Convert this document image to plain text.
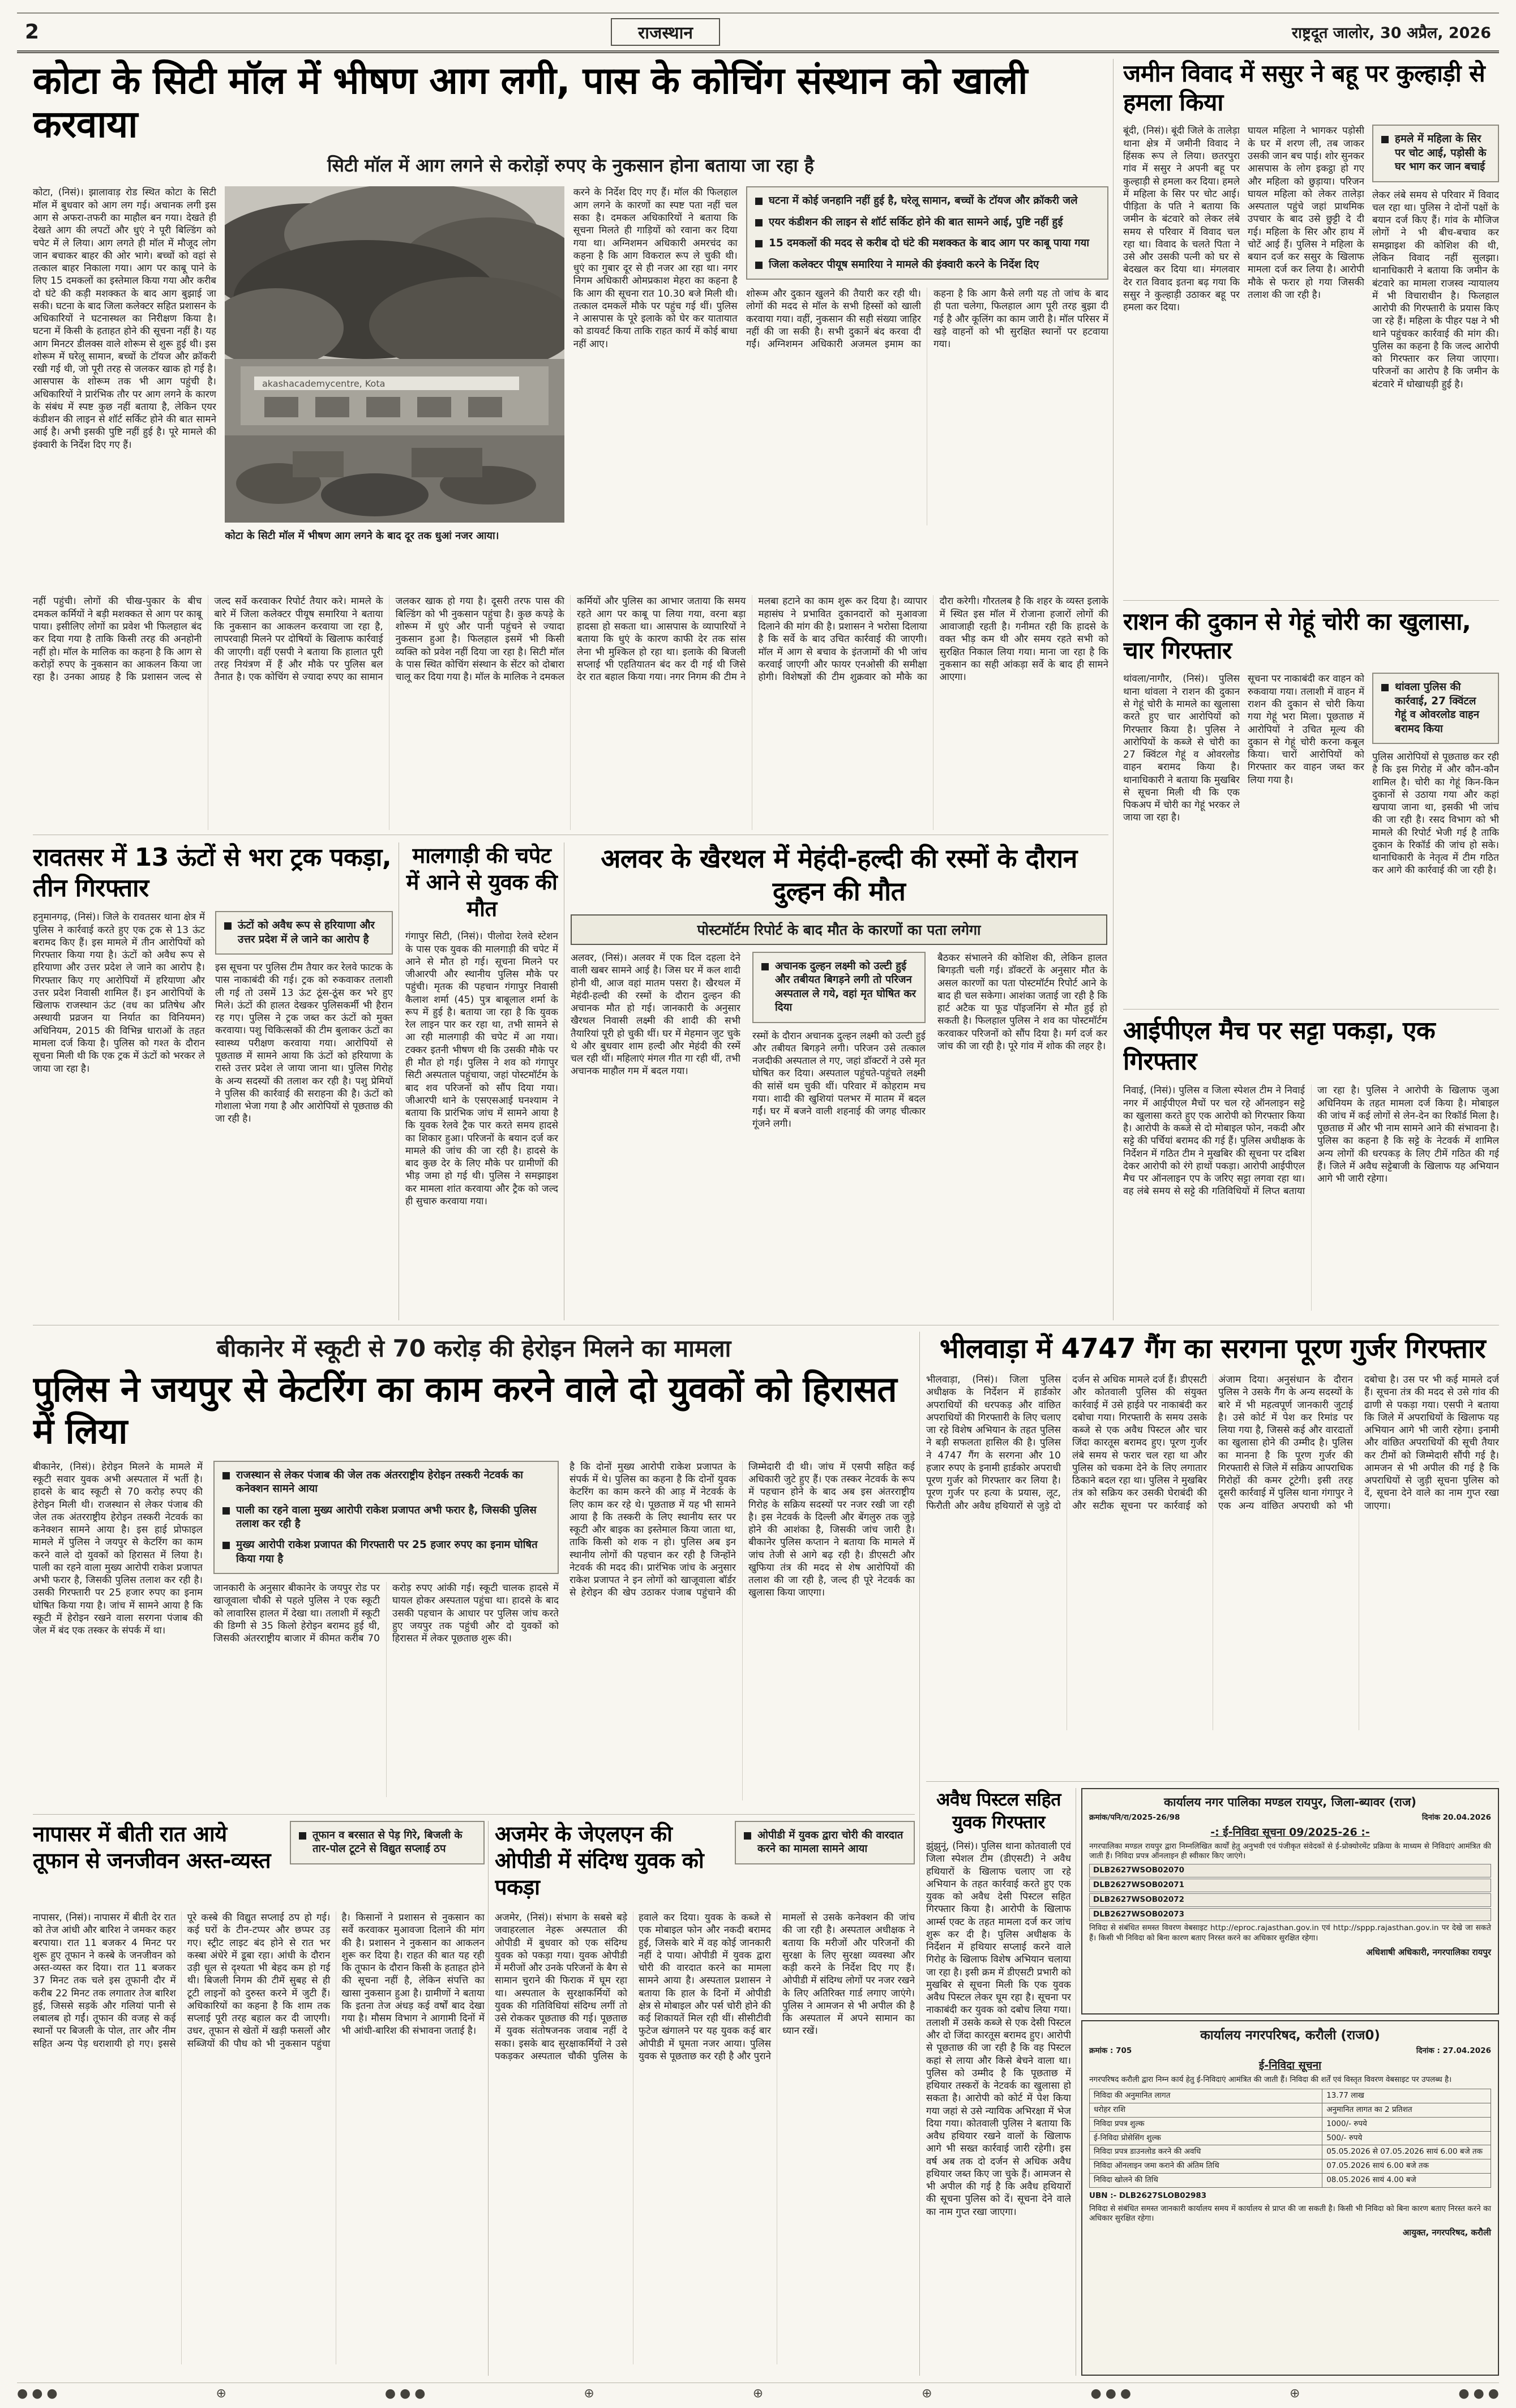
2	राजस्थान	राष्ट्रदूत जालोर, 30 अप्रैल, 2026
कोटा के सिटी मॉल में भीषण आग लगी, पास के कोचिंग संस्थान को खाली करवाया
सिटी मॉल में आग लगने से करोड़ों रुपए के नुकसान होना बताया जा रहा है
कोटा, (निसं)। झालावाड़ रोड स्थित कोटा के सिटी मॉल में बुधवार को आग लग गई। अचानक लगी इस आग से अफरा-तफरी का माहौल बन गया। देखते ही देखते आग की लपटों और धुएं ने पूरी बिल्डिंग को चपेट में ले लिया। आग लगते ही मॉल में मौजूद लोग जान बचाकर बाहर की ओर भागे। बच्चों को वहां से तत्काल बाहर निकाला गया। आग पर काबू पाने के लिए 15 दमकलों का इस्तेमाल किया गया और करीब दो घंटे की कड़ी मशक्कत के बाद आग बुझाई जा सकी। घटना के बाद जिला कलेक्टर सहित प्रशासन के अधिकारियों ने घटनास्थल का निरीक्षण किया है। घटना में किसी के हताहत होने की सूचना नहीं है। यह आग मिनटर डीलक्स वाले शोरूम से शुरू हुई थी। इस शोरूम में घरेलू सामान, बच्चों के टॉयज और क्रॉकरी रखी गई थी, जो पूरी तरह से जलकर खाक हो गई है। आसपास के शोरूम तक भी आग पहुंची है। अधिकारियों ने प्रारंभिक तौर पर आग लगने के कारण के संबंध में स्पष्ट कुछ नहीं बताया है, लेकिन एयर कंडीशन की लाइन से शॉर्ट सर्किट होने की बात सामने आई है। अभी इसकी पुष्टि नहीं हुई है। पूरे मामले की इंक्वारी के निर्देश दिए गए हैं।
akashacademycentre, Kota
कोटा के सिटी मॉल में भीषण आग लगने के बाद दूर तक धुआं नजर आया।
करने के निर्देश दिए गए हैं। मॉल की फिलहाल आग लगने के कारणों का स्पष्ट पता नहीं चल सका है। दमकल अधिकारियों ने बताया कि सूचना मिलते ही गाड़ियों को रवाना कर दिया गया था। अग्निशमन अधिकारी अमरचंद का कहना है कि आग विकराल रूप ले चुकी थी। धुएं का गुबार दूर से ही नजर आ रहा था। नगर निगम अधिकारी ओमप्रकाश मेहरा का कहना है कि आग की सूचना रात 10.30 बजे मिली थी। तत्काल दमकलें मौके पर पहुंच गई थीं। पुलिस ने आसपास के पूरे इलाके को घेर कर यातायात को डायवर्ट किया ताकि राहत कार्य में कोई बाधा नहीं आए।
घटना में कोई जनहानि नहीं हुई है, घरेलू सामान, बच्चों के टॉयज और क्रॉकरी जले
एयर कंडीशन की लाइन से शॉर्ट सर्किट होने की बात सामने आई, पुष्टि नहीं हुई
15 दमकलों की मदद से करीब दो घंटे की मशक्कत के बाद आग पर काबू पाया गया
जिला कलेक्टर पीयूष समारिया ने मामले की इंक्वारी करने के निर्देश दिए
शोरूम और दुकान खुलने की तैयारी कर रही थी। लोगों की मदद से मॉल के सभी हिस्सों को खाली करवाया गया। वहीं, नुकसान की सही संख्या जाहिर नहीं की जा सकी है। सभी दुकानें बंद करवा दी गईं। अग्निशमन अधिकारी अजमल इमाम का कहना है कि आग कैसे लगी यह तो जांच के बाद ही पता चलेगा, फिलहाल आग पूरी तरह बुझा दी गई है और कूलिंग का काम जारी है। मॉल परिसर में खड़े वाहनों को भी सुरक्षित स्थानों पर हटवाया गया।
नहीं पहुंची। लोगों की चीख-पुकार के बीच दमकल कर्मियों ने बड़ी मशक्कत से आग पर काबू पाया। इसीलिए लोगों का प्रवेश भी फिलहाल बंद कर दिया गया है ताकि किसी तरह की अनहोनी नहीं हो। मॉल के मालिक का कहना है कि आग से करोड़ों रुपए के नुकसान का आकलन किया जा रहा है। उनका आग्रह है कि प्रशासन जल्द से जल्द सर्वे करवाकर रिपोर्ट तैयार करे। मामले के बारे में जिला कलेक्टर पीयूष समारिया ने बताया कि नुकसान का आकलन करवाया जा रहा है, लापरवाही मिलने पर दोषियों के खिलाफ कार्रवाई की जाएगी। वहीं एसपी ने बताया कि हालात पूरी तरह नियंत्रण में हैं और मौके पर पुलिस बल तैनात है। एक कोचिंग से ज्यादा रुपए का सामान जलकर खाक हो गया है। दूसरी तरफ पास की बिल्डिंग को भी नुकसान पहुंचा है। कुछ कपड़े के शोरूम में धुएं और पानी पहुंचने से ज्यादा नुकसान हुआ है। फिलहाल इसमें भी किसी व्यक्ति को प्रवेश नहीं दिया जा रहा है। सिटी मॉल के पास स्थित कोचिंग संस्थान के सेंटर को दोबारा चालू कर दिया गया है। मॉल के मालिक ने दमकल कर्मियों और पुलिस का आभार जताया कि समय रहते आग पर काबू पा लिया गया, वरना बड़ा हादसा हो सकता था। आसपास के व्यापारियों ने बताया कि धुएं के कारण काफी देर तक सांस लेना भी मुश्किल हो रहा था। इलाके की बिजली सप्लाई भी एहतियातन बंद कर दी गई थी जिसे देर रात बहाल किया गया। नगर निगम की टीम ने मलबा हटाने का काम शुरू कर दिया है। व्यापार महासंघ ने प्रभावित दुकानदारों को मुआवजा दिलाने की मांग की है। प्रशासन ने भरोसा दिलाया है कि सर्वे के बाद उचित कार्रवाई की जाएगी। मॉल में आग से बचाव के इंतजामों की भी जांच करवाई जाएगी और फायर एनओसी की समीक्षा होगी। विशेषज्ञों की टीम शुक्रवार को मौके का दौरा करेगी। गौरतलब है कि शहर के व्यस्त इलाके में स्थित इस मॉल में रोजाना हजारों लोगों की आवाजाही रहती है। गनीमत रही कि हादसे के वक्त भीड़ कम थी और समय रहते सभी को सुरक्षित निकाल लिया गया। माना जा रहा है कि नुकसान का सही आंकड़ा सर्वे के बाद ही सामने आएगा।
जमीन विवाद में ससुर ने बहू पर कुल्हाड़ी से हमला किया
बूंदी, (निसं)। बूंदी जिले के तालेड़ा थाना क्षेत्र में जमीनी विवाद ने हिंसक रूप ले लिया। छतरपुरा गांव में ससुर ने अपनी बहू पर कुल्हाड़ी से हमला कर दिया। हमले में महिला के सिर पर चोट आई। पीड़िता के पति ने बताया कि जमीन के बंटवारे को लेकर लंबे समय से परिवार में विवाद चल रहा था। विवाद के चलते पिता ने उसे और उसकी पत्नी को घर से बेदखल कर दिया था। मंगलवार देर रात विवाद इतना बढ़ गया कि ससुर ने कुल्हाड़ी उठाकर बहू पर हमला कर दिया।
घायल महिला ने भागकर पड़ोसी के घर में शरण ली, तब जाकर उसकी जान बच पाई। शोर सुनकर आसपास के लोग इकट्ठा हो गए और महिला को छुड़ाया। परिजन घायल महिला को लेकर तालेड़ा अस्पताल पहुंचे जहां प्राथमिक उपचार के बाद उसे छुट्टी दे दी गई। महिला के सिर और हाथ में चोटें आई हैं। पुलिस ने महिला के बयान दर्ज कर ससुर के खिलाफ मामला दर्ज कर लिया है। आरोपी मौके से फरार हो गया जिसकी तलाश की जा रही है।
हमले में महिला के सिर पर चोट आई, पड़ोसी के घर भाग कर जान बचाई
लेकर लंबे समय से परिवार में विवाद चल रहा था। पुलिस ने दोनों पक्षों के बयान दर्ज किए हैं। गांव के मौजिज लोगों ने भी बीच-बचाव कर समझाइश की कोशिश की थी, लेकिन विवाद नहीं सुलझा। थानाधिकारी ने बताया कि जमीन के बंटवारे का मामला राजस्व न्यायालय में भी विचाराधीन है। फिलहाल आरोपी की गिरफ्तारी के प्रयास किए जा रहे हैं। महिला के पीहर पक्ष ने भी थाने पहुंचकर कार्रवाई की मांग की। पुलिस का कहना है कि जल्द आरोपी को गिरफ्तार कर लिया जाएगा। परिजनों का आरोप है कि जमीन के बंटवारे में धोखाधड़ी हुई है।
राशन की दुकान से गेहूं चोरी का खुलासा, चार गिरफ्तार
थांवला/नागौर, (निसं)। पुलिस थाना थांवला ने राशन की दुकान से गेहूं चोरी के मामले का खुलासा करते हुए चार आरोपियों को गिरफ्तार किया है। पुलिस ने आरोपियों के कब्जे से चोरी का 27 क्विंटल गेहूं व ओवरलोड वाहन बरामद किया है। थानाधिकारी ने बताया कि मुखबिर से सूचना मिली थी कि एक पिकअप में चोरी का गेहूं भरकर ले जाया जा रहा है।
सूचना पर नाकाबंदी कर वाहन को रुकवाया गया। तलाशी में वाहन में राशन की दुकान से चोरी किया गया गेहूं भरा मिला। पूछताछ में आरोपियों ने उचित मूल्य की दुकान से गेहूं चोरी करना कबूल किया। चारों आरोपियों को गिरफ्तार कर वाहन जब्त कर लिया गया है।
थांवला पुलिस की कार्रवाई, 27 क्विंटल गेहूं व ओवरलोड वाहन बरामद किया
पुलिस आरोपियों से पूछताछ कर रही है कि इस गिरोह में और कौन-कौन शामिल है। चोरी का गेहूं किन-किन दुकानों से उठाया गया और कहां खपाया जाना था, इसकी भी जांच की जा रही है। रसद विभाग को भी मामले की रिपोर्ट भेजी गई है ताकि दुकान के रिकॉर्ड की जांच हो सके। थानाधिकारी के नेतृत्व में टीम गठित कर आगे की कार्रवाई की जा रही है।
आईपीएल मैच पर सट्टा पकड़ा, एक गिरफ्तार
निवाई, (निसं)। पुलिस व जिला स्पेशल टीम ने निवाई नगर में आईपीएल मैचों पर चल रहे ऑनलाइन सट्टे का खुलासा करते हुए एक आरोपी को गिरफ्तार किया है। आरोपी के कब्जे से दो मोबाइल फोन, नकदी और सट्टे की पर्चियां बरामद की गई हैं। पुलिस अधीक्षक के निर्देशन में गठित टीम ने मुखबिर की सूचना पर दबिश देकर आरोपी को रंगे हाथों पकड़ा। आरोपी आईपीएल मैच पर ऑनलाइन एप के जरिए सट्टा लगवा रहा था। वह लंबे समय से सट्टे की गतिविधियों में लिप्त बताया जा रहा है। पुलिस ने आरोपी के खिलाफ जुआ अधिनियम के तहत मामला दर्ज किया है। मोबाइल की जांच में कई लोगों से लेन-देन का रिकॉर्ड मिला है। पूछताछ में और भी नाम सामने आने की संभावना है। पुलिस का कहना है कि सट्टे के नेटवर्क में शामिल अन्य लोगों की धरपकड़ के लिए टीमें गठित की गई हैं। जिले में अवैध सट्टेबाजी के खिलाफ यह अभियान आगे भी जारी रहेगा।
रावतसर में 13 ऊंटों से भरा ट्रक पकड़ा, तीन गिरफ्तार
हनुमानगढ़, (निसं)। जिले के रावतसर थाना क्षेत्र में पुलिस ने कार्रवाई करते हुए एक ट्रक से 13 ऊंट बरामद किए हैं। इस मामले में तीन आरोपियों को गिरफ्तार किया गया है। ऊंटों को अवैध रूप से हरियाणा और उत्तर प्रदेश ले जाने का आरोप है। गिरफ्तार किए गए आरोपियों में हरियाणा और उत्तर प्रदेश निवासी शामिल हैं। इन आरोपियों के खिलाफ राजस्थान ऊंट (वध का प्रतिषेध और अस्थायी प्रव्रजन या निर्यात का विनियमन) अधिनियम, 2015 की विभिन्न धाराओं के तहत मामला दर्ज किया है। पुलिस को गश्त के दौरान सूचना मिली थी कि एक ट्रक में ऊंटों को भरकर ले जाया जा रहा है।
ऊंटों को अवैध रूप से हरियाणा और उत्तर प्रदेश में ले जाने का आरोप है
इस सूचना पर पुलिस टीम तैयार कर रेलवे फाटक के पास नाकाबंदी की गई। ट्रक को रुकवाकर तलाशी ली गई तो उसमें 13 ऊंट ठूंस-ठूंस कर भरे हुए मिले। ऊंटों की हालत देखकर पुलिसकर्मी भी हैरान रह गए। पुलिस ने ट्रक जब्त कर ऊंटों को मुक्त करवाया। पशु चिकित्सकों की टीम बुलाकर ऊंटों का स्वास्थ्य परीक्षण करवाया गया। आरोपियों से पूछताछ में सामने आया कि ऊंटों को हरियाणा के रास्ते उत्तर प्रदेश ले जाया जाना था। पुलिस गिरोह के अन्य सदस्यों की तलाश कर रही है। पशु प्रेमियों ने पुलिस की कार्रवाई की सराहना की है। ऊंटों को गोशाला भेजा गया है और आरोपियों से पूछताछ की जा रही है।
मालगाड़ी की चपेट में आने से युवक की मौत
गंगापुर सिटी, (निसं)। पीलोदा रेलवे स्टेशन के पास एक युवक की मालगाड़ी की चपेट में आने से मौत हो गई। सूचना मिलने पर जीआरपी और स्थानीय पुलिस मौके पर पहुंची। मृतक की पहचान गंगापुर निवासी कैलाश शर्मा (45) पुत्र बाबूलाल शर्मा के रूप में हुई है। बताया जा रहा है कि युवक रेल लाइन पार कर रहा था, तभी सामने से आ रही मालगाड़ी की चपेट में आ गया। टक्कर इतनी भीषण थी कि उसकी मौके पर ही मौत हो गई। पुलिस ने शव को गंगापुर सिटी अस्पताल पहुंचाया, जहां पोस्टमॉर्टम के बाद शव परिजनों को सौंप दिया गया। जीआरपी थाने के एसएसआई घनश्याम ने बताया कि प्रारंभिक जांच में सामने आया है कि युवक रेलवे ट्रैक पार करते समय हादसे का शिकार हुआ। परिजनों के बयान दर्ज कर मामले की जांच की जा रही है। हादसे के बाद कुछ देर के लिए मौके पर ग्रामीणों की भीड़ जमा हो गई थी। पुलिस ने समझाइश कर मामला शांत करवाया और ट्रैक को जल्द ही सुचारु करवाया गया।
अलवर के खैरथल में मेहंदी-हल्दी की रस्मों के दौरान दुल्हन की मौत
पोस्टमॉर्टम रिपोर्ट के बाद मौत के कारणों का पता लगेगा
अलवर, (निसं)। अलवर में एक दिल दहला देने वाली खबर सामने आई है। जिस घर में कल शादी होनी थी, आज वहां मातम पसरा है। खैरथल में मेहंदी-हल्दी की रस्मों के दौरान दुल्हन की अचानक मौत हो गई। जानकारी के अनुसार खैरथल निवासी लक्ष्मी की शादी की सभी तैयारियां पूरी हो चुकी थीं। घर में मेहमान जुट चुके थे और बुधवार शाम हल्दी और मेहंदी की रस्में चल रही थीं। महिलाएं मंगल गीत गा रही थीं, तभी अचानक माहौल गम में बदल गया।
अचानक दुल्हन लक्ष्मी को उल्टी हुई और तबीयत बिगड़ने लगी तो परिजन अस्पताल ले गये, वहां मृत घोषित कर दिया
रस्मों के दौरान अचानक दुल्हन लक्ष्मी को उल्टी हुई और तबीयत बिगड़ने लगी। परिजन उसे तत्काल नजदीकी अस्पताल ले गए, जहां डॉक्टरों ने उसे मृत घोषित कर दिया। अस्पताल पहुंचते-पहुंचते लक्ष्मी की सांसें थम चुकी थीं। परिवार में कोहराम मच गया। शादी की खुशियां पलभर में मातम में बदल गईं। घर में बजने वाली शहनाई की जगह चीत्कार गूंजने लगी।
बैठकर संभालने की कोशिश की, लेकिन हालत बिगड़ती चली गई। डॉक्टरों के अनुसार मौत के असल कारणों का पता पोस्टमॉर्टम रिपोर्ट आने के बाद ही चल सकेगा। आशंका जताई जा रही है कि हार्ट अटैक या फूड पॉइजनिंग से मौत हुई हो सकती है। फिलहाल पुलिस ने शव का पोस्टमॉर्टम करवाकर परिजनों को सौंप दिया है। मर्ग दर्ज कर जांच की जा रही है। पूरे गांव में शोक की लहर है।
बीकानेर में स्कूटी से 70 करोड़ की हेरोइन मिलने का मामला
पुलिस ने जयपुर से केटरिंग का काम करने वाले दो युवकों को हिरासत में लिया
बीकानेर, (निसं)। हेरोइन मिलने के मामले में स्कूटी सवार युवक अभी अस्पताल में भर्ती है। हादसे के बाद स्कूटी से 70 करोड़ रुपए की हेरोइन मिली थी। राजस्थान से लेकर पंजाब की जेल तक अंतरराष्ट्रीय हेरोइन तस्करी नेटवर्क का कनेक्शन सामने आया है। इस हाई प्रोफाइल मामले में पुलिस ने जयपुर से केटरिंग का काम करने वाले दो युवकों को हिरासत में लिया है। पाली का रहने वाला मुख्य आरोपी राकेश प्रजापत अभी फरार है, जिसकी पुलिस तलाश कर रही है। उसकी गिरफ्तारी पर 25 हजार रुपए का इनाम घोषित किया गया है। जांच में सामने आया है कि स्कूटी में हेरोइन रखने वाला सरगना पंजाब की जेल में बंद एक तस्कर के संपर्क में था।
राजस्थान से लेकर पंजाब की जेल तक अंतरराष्ट्रीय हेरोइन तस्करी नेटवर्क का कनेक्शन सामने आया
पाली का रहने वाला मुख्य आरोपी राकेश प्रजापत अभी फरार है, जिसकी पुलिस तलाश कर रही है
मुख्य आरोपी राकेश प्रजापत की गिरफ्तारी पर 25 हजार रुपए का इनाम घोषित किया गया है
जानकारी के अनुसार बीकानेर के जयपुर रोड पर खाजूवाला चौकी से पहले पुलिस ने एक स्कूटी को लावारिस हालत में देखा था। तलाशी में स्कूटी की डिग्गी से 35 किलो हेरोइन बरामद हुई थी, जिसकी अंतरराष्ट्रीय बाजार में कीमत करीब 70 करोड़ रुपए आंकी गई। स्कूटी चालक हादसे में घायल होकर अस्पताल पहुंचा था। हादसे के बाद उसकी पहचान के आधार पर पुलिस जांच करते हुए जयपुर तक पहुंची और दो युवकों को हिरासत में लेकर पूछताछ शुरू की।
है कि दोनों मुख्य आरोपी राकेश प्रजापत के संपर्क में थे। पुलिस का कहना है कि दोनों युवक केटरिंग का काम करने की आड़ में नेटवर्क के लिए काम कर रहे थे। पूछताछ में यह भी सामने आया है कि तस्करी के लिए स्थानीय स्तर पर स्कूटी और बाइक का इस्तेमाल किया जाता था, ताकि किसी को शक न हो। पुलिस अब इन स्थानीय लोगों की पहचान कर रही है जिन्होंने नेटवर्क की मदद की। प्रारंभिक जांच के अनुसार राकेश प्रजापत ने इन लोगों को खाजूवाला बॉर्डर से हेरोइन की खेप उठाकर पंजाब पहुंचाने की जिम्मेदारी दी थी। जांच में एसपी सहित कई अधिकारी जुटे हुए हैं। एक तस्कर नेटवर्क के रूप में पहचान होने के बाद अब इस अंतरराष्ट्रीय गिरोह के सक्रिय सदस्यों पर नजर रखी जा रही है। इस नेटवर्क के दिल्ली और बेंगलुरु तक जुड़े होने की आशंका है, जिसकी जांच जारी है। बीकानेर पुलिस कप्तान ने बताया कि मामले में जांच तेजी से आगे बढ़ रही है। डीएसटी और खुफिया तंत्र की मदद से शेष आरोपियों की तलाश की जा रही है, जल्द ही पूरे नेटवर्क का खुलासा किया जाएगा।
भीलवाड़ा में 4747 गैंग का सरगना पूरण गुर्जर गिरफ्तार
भीलवाड़ा, (निसं)। जिला पुलिस अधीक्षक के निर्देशन में हार्डकोर अपराधियों की धरपकड़ और वांछित अपराधियों की गिरफ्तारी के लिए चलाए जा रहे विशेष अभियान के तहत पुलिस ने बड़ी सफलता हासिल की है। पुलिस ने 4747 गैंग के सरगना और 10 हजार रुपए के इनामी हार्डकोर अपराधी पूरण गुर्जर को गिरफ्तार कर लिया है। पूरण गुर्जर पर हत्या के प्रयास, लूट, फिरौती और अवैध हथियारों से जुड़े दो दर्जन से अधिक मामले दर्ज हैं। डीएसटी और कोतवाली पुलिस की संयुक्त कार्रवाई में उसे हाईवे पर नाकाबंदी कर दबोचा गया। गिरफ्तारी के समय उसके कब्जे से एक अवैध पिस्टल और चार जिंदा कारतूस बरामद हुए। पूरण गुर्जर लंबे समय से फरार चल रहा था और पुलिस को चकमा देने के लिए लगातार ठिकाने बदल रहा था। पुलिस ने मुखबिर तंत्र को सक्रिय कर उसकी घेराबंदी की और सटीक सूचना पर कार्रवाई को अंजाम दिया। अनुसंधान के दौरान पुलिस ने उसके गैंग के अन्य सदस्यों के बारे में भी महत्वपूर्ण जानकारी जुटाई है। उसे कोर्ट में पेश कर रिमांड पर लिया गया है, जिससे कई और वारदातों का खुलासा होने की उम्मीद है। पुलिस का मानना है कि पूरण गुर्जर की गिरफ्तारी से जिले में सक्रिय आपराधिक गिरोहों की कमर टूटेगी। इसी तरह दूसरी कार्रवाई में पुलिस थाना गंगापुर ने एक अन्य वांछित अपराधी को भी दबोचा है। उस पर भी कई मामले दर्ज हैं। सूचना तंत्र की मदद से उसे गांव की ढाणी से पकड़ा गया। एसपी ने बताया कि जिले में अपराधियों के खिलाफ यह अभियान आगे भी जारी रहेगा। इनामी और वांछित अपराधियों की सूची तैयार कर टीमों को जिम्मेदारी सौंपी गई है। आमजन से भी अपील की गई है कि अपराधियों से जुड़ी सूचना पुलिस को दें, सूचना देने वाले का नाम गुप्त रखा जाएगा।
अवैध पिस्टल सहित युवक गिरफ्तार
झुंझुनूं, (निसं)। पुलिस थाना कोतवाली एवं जिला स्पेशल टीम (डीएसटी) ने अवैध हथियारों के खिलाफ चलाए जा रहे अभियान के तहत कार्रवाई करते हुए एक युवक को अवैध देसी पिस्टल सहित गिरफ्तार किया है। आरोपी के खिलाफ आर्म्स एक्ट के तहत मामला दर्ज कर जांच शुरू कर दी है। पुलिस अधीक्षक के निर्देशन में हथियार सप्लाई करने वाले गिरोह के खिलाफ विशेष अभियान चलाया जा रहा है। इसी क्रम में डीएसटी प्रभारी को मुखबिर से सूचना मिली कि एक युवक अवैध पिस्टल लेकर घूम रहा है। सूचना पर नाकाबंदी कर युवक को दबोच लिया गया। तलाशी में उसके कब्जे से एक देसी पिस्टल और दो जिंदा कारतूस बरामद हुए। आरोपी से पूछताछ की जा रही है कि वह पिस्टल कहां से लाया और किसे बेचने वाला था। पुलिस को उम्मीद है कि पूछताछ में हथियार तस्करों के नेटवर्क का खुलासा हो सकता है। आरोपी को कोर्ट में पेश किया गया जहां से उसे न्यायिक अभिरक्षा में भेज दिया गया। कोतवाली पुलिस ने बताया कि अवैध हथियार रखने वालों के खिलाफ आगे भी सख्त कार्रवाई जारी रहेगी। इस वर्ष अब तक दो दर्जन से अधिक अवैध हथियार जब्त किए जा चुके हैं। आमजन से भी अपील की गई है कि अवैध हथियारों की सूचना पुलिस को दें। सूचना देने वाले का नाम गुप्त रखा जाएगा।
नापासर में बीती रात आये तूफान से जनजीवन अस्त-व्यस्त
तूफान व बरसात से पेड़ गिरे, बिजली के तार-पोल टूटने से विद्युत सप्लाई ठप
नापासर, (निसं)। नापासर में बीती देर रात को तेज आंधी और बारिश ने जमकर कहर बरपाया। रात 11 बजकर 4 मिनट पर शुरू हुए तूफान ने कस्बे के जनजीवन को अस्त-व्यस्त कर दिया। रात 11 बजकर 37 मिनट तक चले इस तूफानी दौर में करीब 22 मिनट तक लगातार तेज बारिश हुई, जिससे सड़कें और गलियां पानी से लबालब हो गईं। तूफान की वजह से कई स्थानों पर बिजली के पोल, तार और नीम सहित अन्य पेड़ धराशायी हो गए। इससे पूरे कस्बे की विद्युत सप्लाई ठप हो गई। कई घरों के टीन-टप्पर और छप्पर उड़ गए। स्ट्रीट लाइट बंद होने से रात भर कस्बा अंधेरे में डूबा रहा। आंधी के दौरान उड़ी धूल से दृश्यता भी बेहद कम हो गई थी। बिजली निगम की टीमें सुबह से ही टूटी लाइनों को दुरुस्त करने में जुटी हैं। अधिकारियों का कहना है कि शाम तक सप्लाई पूरी तरह बहाल कर दी जाएगी। उधर, तूफान से खेतों में खड़ी फसलों और सब्जियों की पौध को भी नुकसान पहुंचा है। किसानों ने प्रशासन से नुकसान का सर्वे करवाकर मुआवजा दिलाने की मांग की है। प्रशासन ने नुकसान का आकलन शुरू कर दिया है। राहत की बात यह रही कि तूफान के दौरान किसी के हताहत होने की सूचना नहीं है, लेकिन संपत्ति का खासा नुकसान हुआ है। ग्रामीणों ने बताया कि इतना तेज अंधड़ कई वर्षों बाद देखा गया है। मौसम विभाग ने आगामी दिनों में भी आंधी-बारिश की संभावना जताई है।
अजमेर के जेएलएन की ओपीडी में संदिग्ध युवक को पकड़ा
ओपीडी में युवक द्वारा चोरी की वारदात करने का मामला सामने आया
अजमेर, (निसं)। संभाग के सबसे बड़े जवाहरलाल नेहरू अस्पताल की ओपीडी में बुधवार को एक संदिग्ध युवक को पकड़ा गया। युवक ओपीडी में मरीजों और उनके परिजनों के बैग से सामान चुराने की फिराक में घूम रहा था। अस्पताल के सुरक्षाकर्मियों को युवक की गतिविधियां संदिग्ध लगीं तो उसे रोककर पूछताछ की गई। पूछताछ में युवक संतोषजनक जवाब नहीं दे सका। इसके बाद सुरक्षाकर्मियों ने उसे पकड़कर अस्पताल चौकी पुलिस के हवाले कर दिया। युवक के कब्जे से एक मोबाइल फोन और नकदी बरामद हुई, जिसके बारे में वह कोई जानकारी नहीं दे पाया। ओपीडी में युवक द्वारा चोरी की वारदात करने का मामला सामने आया है। अस्पताल प्रशासन ने बताया कि हाल के दिनों में ओपीडी क्षेत्र से मोबाइल और पर्स चोरी होने की कई शिकायतें मिल रही थीं। सीसीटीवी फुटेज खंगालने पर यह युवक कई बार ओपीडी में घूमता नजर आया। पुलिस युवक से पूछताछ कर रही है और पुराने मामलों से उसके कनेक्शन की जांच की जा रही है। अस्पताल अधीक्षक ने बताया कि मरीजों और परिजनों की सुरक्षा के लिए सुरक्षा व्यवस्था और कड़ी करने के निर्देश दिए गए हैं। ओपीडी में संदिग्ध लोगों पर नजर रखने के लिए अतिरिक्त गार्ड लगाए जाएंगे। पुलिस ने आमजन से भी अपील की है कि अस्पताल में अपने सामान का ध्यान रखें।
कार्यालय नगर पालिका मण्डल रायपुर, जिला-ब्यावर (राज)
क्रमांक/पनि/रा/2025-26/98	दिनांक 20.04.2026
-: ई-निविदा सूचना 09/2025-26 :-

नगरपालिका मण्डल रायपुर द्वारा निम्नलिखित कार्यों हेतु अनुभवी एवं पंजीकृत संवेदकों से ई-प्रोक्योरमेंट प्रक्रिया के माध्यम से निविदाएं आमंत्रित की जाती हैं। निविदा प्रपत्र ऑनलाइन ही स्वीकार किए जाएंगे।

DLB2627WSOB02070
DLB2627WSOB02071
DLB2627WSOB02072
DLB2627WSOB02073

निविदा से संबंधित समस्त विवरण वेबसाइट http://eproc.rajasthan.gov.in एवं http://sppp.rajasthan.gov.in पर देखे जा सकते हैं। किसी भी निविदा को बिना कारण बताए निरस्त करने का अधिकार सुरक्षित रहेगा।

अधिशाषी अधिकारी, नगरपालिका रायपुर
कार्यालय नगरपरिषद, करौली (राज0)
क्रमांक : 705	दिनांक : 27.04.2026
ई-निविदा सूचना

नगरपरिषद करौली द्वारा निम्न कार्य हेतु ई-निविदाएं आमंत्रित की जाती हैं। निविदा की शर्तें एवं विस्तृत विवरण वेबसाइट पर उपलब्ध है।

निविदा की अनुमानित लागत	13.77 लाख
धरोहर राशि	अनुमानित लागत का 2 प्रतिशत
निविदा प्रपत्र शुल्क	1000/- रुपये
ई-निविदा प्रोसेसिंग शुल्क	500/- रुपये
निविदा प्रपत्र डाउनलोड करने की अवधि	05.05.2026 से 07.05.2026 सायं 6.00 बजे तक
निविदा ऑनलाइन जमा कराने की अंतिम तिथि	07.05.2026 सायं 6.00 बजे तक
निविदा खोलने की तिथि	08.05.2026 सायं 4.00 बजे
UBN :- DLB2627SLOB02983

निविदा से संबंधित समस्त जानकारी कार्यालय समय में कार्यालय से प्राप्त की जा सकती है। किसी भी निविदा को बिना कारण बताए निरस्त करने का अधिकार सुरक्षित रहेगा।

आयुक्त, नगरपरिषद, करौली
● ● ●	⊕	● ● ●	⊕	⊕	⊕	● ● ●	⊕	● ● ●
